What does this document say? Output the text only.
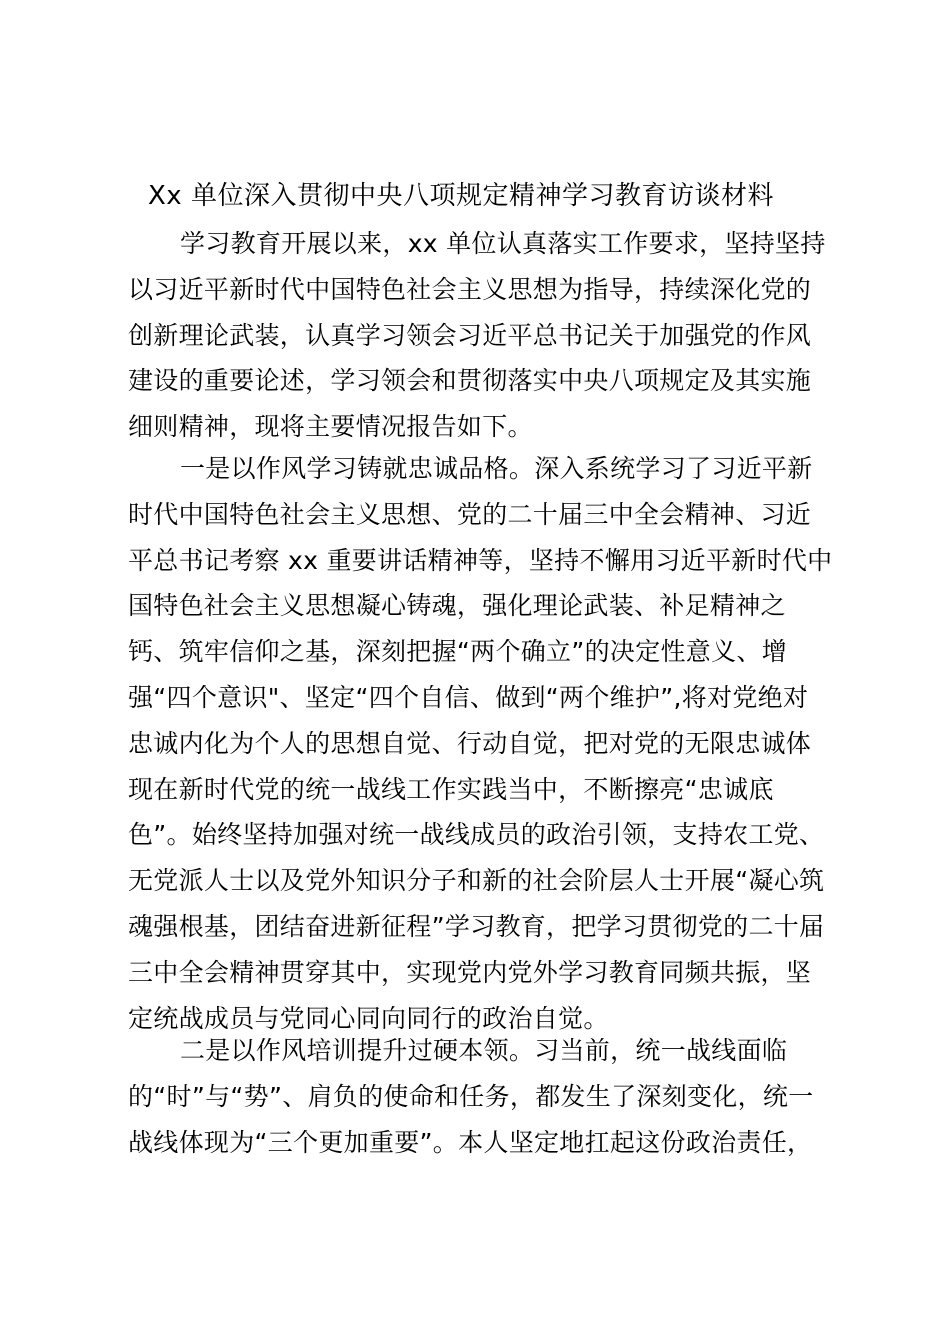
Xx 单位深入贯彻中央八项规定精神学习教育访谈材料
学习教育开展以来，xx 单位认真落实工作要求，坚持坚持
以习近平新时代中国特色社会主义思想为指导，持续深化党的
创新理论武装，认真学习领会习近平总书记关于加强党的作风
建设的重要论述，学习领会和贯彻落实中央八项规定及其实施
细则精神，现将主要情况报告如下。
一是以作风学习铸就忠诚品格。深入系统学习了习近平新
时代中国特色社会主义思想、党的二十届三中全会精神、习近
平总书记考察 xx 重要讲话精神等，坚持不懈用习近平新时代中
国特色社会主义思想凝心铸魂，强化理论武装、补足精神之
钙、筑牢信仰之基，深刻把握“两个确立”的决定性意义、增
强“四个意识"、坚定“四个自信、做到“两个维护”,将对党绝对
忠诚内化为个人的思想自觉、行动自觉，把对党的无限忠诚体
现在新时代党的统一战线工作实践当中，不断擦亮“忠诚底
色”。始终坚持加强对统一战线成员的政治引领，支持农工党、
无党派人士以及党外知识分子和新的社会阶层人士开展“凝心筑
魂强根基，团结奋进新征程”学习教育，把学习贯彻党的二十届
三中全会精神贯穿其中，实现党内党外学习教育同频共振，坚
定统战成员与党同心同向同行的政治自觉。
二是以作风培训提升过硬本领。习当前，统一战线面临
的“时”与“势”、肩负的使命和任务，都发生了深刻变化，统一
战线体现为“三个更加重要”。本人坚定地扛起这份政治责任，
